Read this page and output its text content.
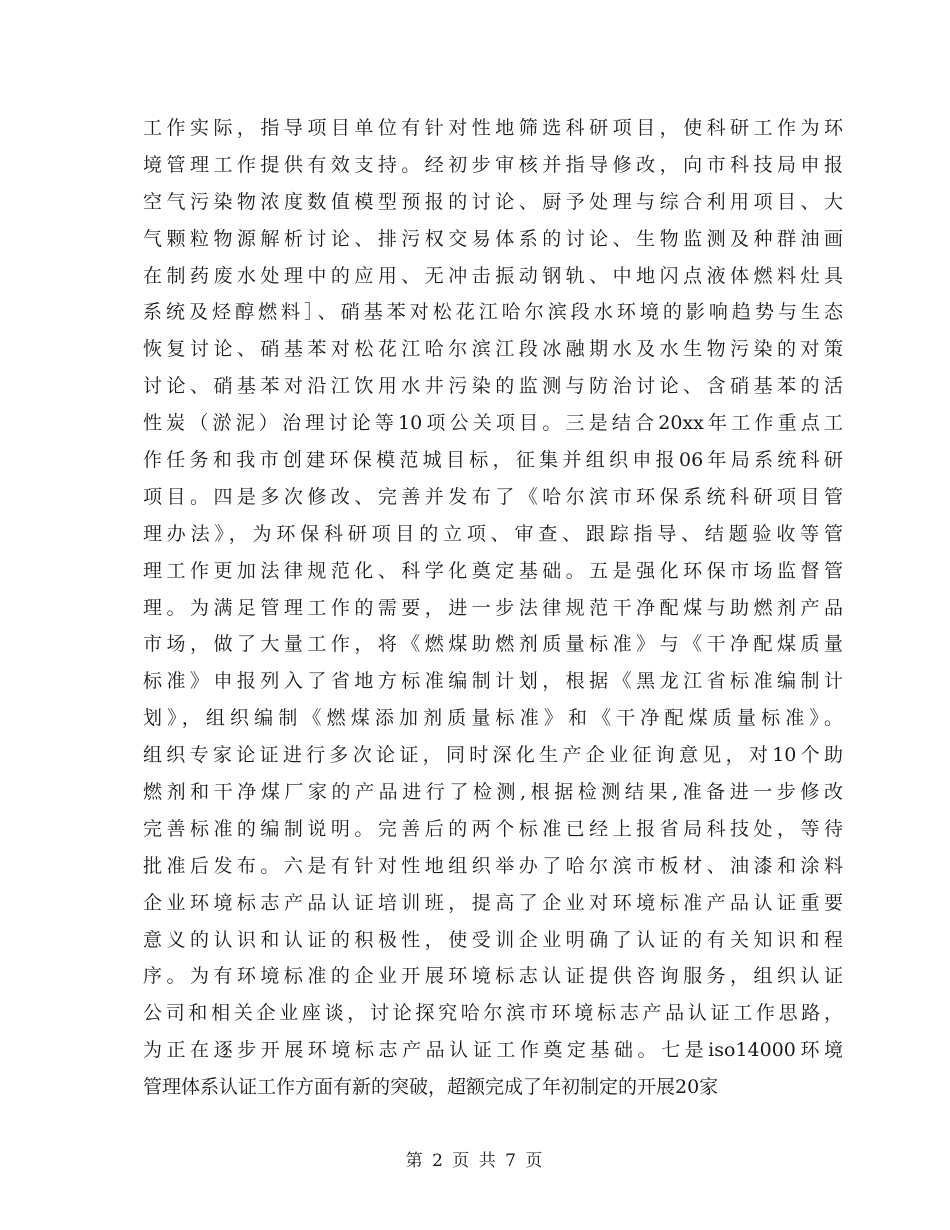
工作实际，指导项目单位有针对性地筛选科研项目，使科研工作为环
境管理工作提供有效支持。经初步审核并指导修改，向市科技局申报
空气污染物浓度数值模型预报的讨论、厨予处理与综合利用项目、大
气颗粒物源解析讨论、排污权交易体系的讨论、生物监测及种群油画
在制药废水处理中的应用、无冲击振动钢轨、中地闪点液体燃料灶具
系统及烃醇燃料］、硝基苯对松花江哈尔滨段水环境的影响趋势与生态
恢复讨论、硝基苯对松花江哈尔滨江段冰融期水及水生物污染的对策
讨论、硝基苯对沿江饮用水井污染的监测与防治讨论、含硝基苯的活
性炭（淤泥）治理讨论等10项公关项目。三是结合20xx年工作重点工
作任务和我市创建环保模范城目标，征集并组织申报06年局系统科研
项目。四是多次修改、完善并发布了《哈尔滨市环保系统科研项目管
理办法》，为环保科研项目的立项、审查、跟踪指导、结题验收等管
理工作更加法律规范化、科学化奠定基础。五是强化环保市场监督管
理。为满足管理工作的需要，进一步法律规范干净配煤与助燃剂产品
市场，做了大量工作，将《燃煤助燃剂质量标准》与《干净配煤质量
标准》申报列入了省地方标准编制计划，根据《黑龙江省标准编制计
划》，组织编制《燃煤添加剂质量标准》和《干净配煤质量标准》。
组织专家论证进行多次论证，同时深化生产企业征询意见，对10个助
燃剂和干净煤厂家的产品进行了检测,根据检测结果,准备进一步修改
完善标准的编制说明。完善后的两个标准已经上报省局科技处，等待
批准后发布。六是有针对性地组织举办了哈尔滨市板材、油漆和涂料
企业环境标志产品认证培训班，提高了企业对环境标准产品认证重要
意义的认识和认证的积极性，使受训企业明确了认证的有关知识和程
序。为有环境标准的企业开展环境标志认证提供咨询服务，组织认证
公司和相关企业座谈，讨论探究哈尔滨市环境标志产品认证工作思路，
为正在逐步开展环境标志产品认证工作奠定基础。七是iso14000环境
管理体系认证工作方面有新的突破，超额完成了年初制定的开展20家
第 2 页 共 7 页
